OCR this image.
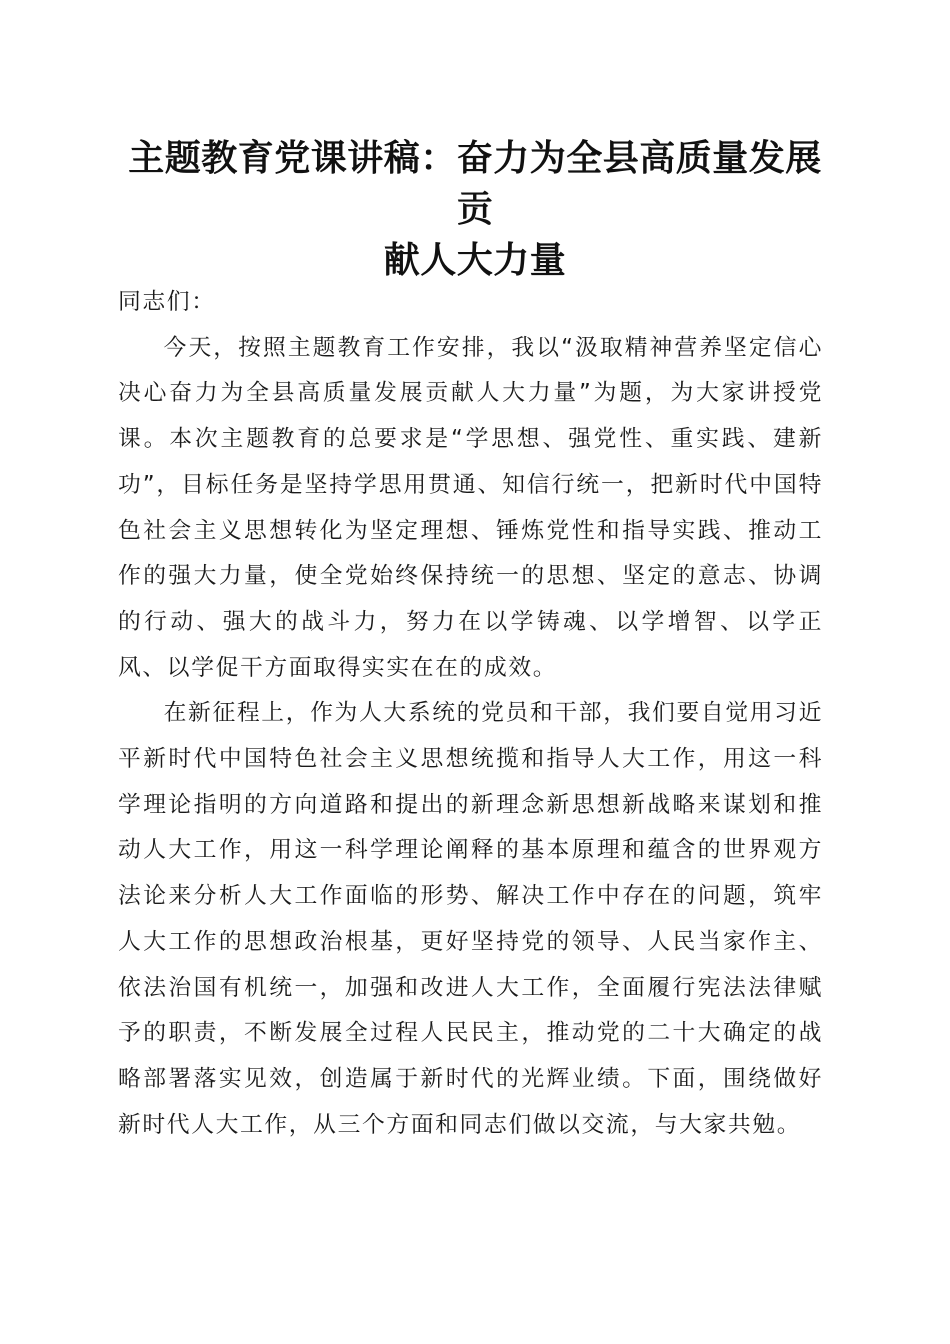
主题教育党课讲稿：奋力为全县高质量发展贡
献人大力量

同志们：

今天，按照主题教育工作安排，我以“汲取精神营养坚定信心决心奋力为全县高质量发展贡献人大力量”为题，为大家讲授党课。本次主题教育的总要求是“学思想、强党性、重实践、建新功”，目标任务是坚持学思用贯通、知信行统一，把新时代中国特色社会主义思想转化为坚定理想、锤炼党性和指导实践、推动工作的强大力量，使全党始终保持统一的思想、坚定的意志、协调的行动、强大的战斗力，努力在以学铸魂、以学增智、以学正风、以学促干方面取得实实在在的成效。

在新征程上，作为人大系统的党员和干部，我们要自觉用习近平新时代中国特色社会主义思想统揽和指导人大工作，用这一科学理论指明的方向道路和提出的新理念新思想新战略来谋划和推动人大工作，用这一科学理论阐释的基本原理和蕴含的世界观方法论来分析人大工作面临的形势、解决工作中存在的问题，筑牢人大工作的思想政治根基，更好坚持党的领导、人民当家作主、依法治国有机统一，加强和改进人大工作，全面履行宪法法律赋予的职责，不断发展全过程人民民主，推动党的二十大确定的战略部署落实见效，创造属于新时代的光辉业绩。下面，围绕做好新时代人大工作，从三个方面和同志们做以交流，与大家共勉。
